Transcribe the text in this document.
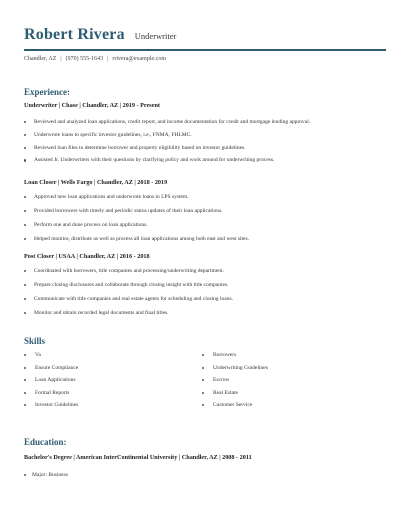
Robert Rivera Underwriter
Chandler, AZ | (970) 555-1643 | rrivera@example.com
Experience:
Underwriter | Chase | Chandler, AZ | 2019 - Present
Reviewed and analyzed loan applications, credit report, and income documentation for credit and mortgage lending approval.
Underwrote loans to specific investor guidelines, i.e., FNMA, FHLMC.
Reviewed loan files to determine borrower and property eligibility based on investor guidelines.
Assisted Jr. Underwriters with their questions by clarifying policy and work around for underwriting process.
Loan Closer | Wells Fargo | Chandler, AZ | 2018 - 2019
Approved new loan applications and underwrote loans in LPS system.
Provided borrowers with timely and periodic status updates of their loan applications.
Perform one and done process on loan applications.
Helped monitor, distribute as well as process all loan applications among both east and west sites.
Post Closer | USAA | Chandler, AZ | 2016 - 2018
Coordinated with borrowers, title companies and processing/underwriting department.
Prepare closing disclosures and collaborate through closing insight with title companies.
Communicate with title companies and real estate agents for scheduling and closing loans.
Monitor and obtain recorded legal documents and final titles.
Skills
Va
Ensure Compliance
Loan Applications
Formal Reports
Investor Guidelines
Borrowers
Underwriting Guidelines
Escrow
Real Estate
Customer Service
Education:
Bachelor's Degree | American InterContinental University | Chandler, AZ | 2008 - 2011
Major: Business
